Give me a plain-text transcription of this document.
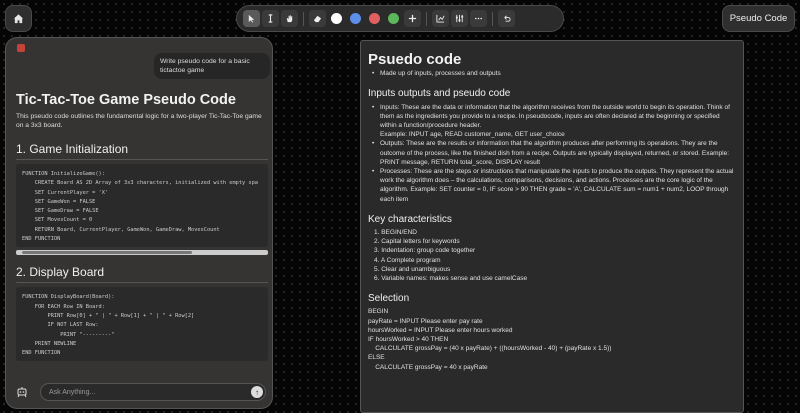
Pseudo Code
Write pseudo code for a basic tictactoe game
Tic-Tac-Toe Game Pseudo Code
This pseudo code outlines the fundamental logic for a two-player Tic-Tac-Toe game on a 3x3 board.
1. Game Initialization
FUNCTION InitializeGame():
CREATE Board AS 2D Array of 3x3 characters, initialized with empty spa
SET CurrentPlayer = 'X'
SET GameWon = FALSE
SET GameDraw = FALSE
SET MovesCount = 0
RETURN Board, CurrentPlayer, GameWon, GameDraw, MovesCount
END FUNCTION
2. Display Board
FUNCTION DisplayBoard(Board):
FOR EACH Row IN Board:
PRINT Row[0] + " | " + Row[1] + " | " + Row[2]
IF NOT LAST Row:
PRINT "---------"
PRINT NEWLINE
END FUNCTION
Ask Anything...	↑
Psuedo code
• Made up of inputs, processes and outputs
Inputs outputs and pseudo code
• Inputs: These are the data or information that the algorithm receives from the outside world to begin its operation. Think of them as the ingredients you provide to a recipe. In pseudocode, inputs are often declared at the beginning or specified within a function/procedure header.
Example: INPUT age, READ customer_name, GET user_choice
• Outputs: These are the results or information that the algorithm produces after performing its operations. They are the outcome of the process, like the finished dish from a recipe. Outputs are typically displayed, returned, or stored. Example: PRINT message, RETURN total_score, DISPLAY result
• Processes: These are the steps or instructions that manipulate the inputs to produce the outputs. They represent the actual work the algorithm does – the calculations, comparisons, decisions, and actions. Processes are the core logic of the algorithm. Example: SET counter = 0, IF score > 90 THEN grade = 'A', CALCULATE sum = num1 + num2, LOOP through each item
Key characteristics
1. BEGIN/END
2. Capital letters for keywords
3. Indentation: group code together
4. A Complete program
5. Clear and unambiguous
6. Variable names: makes sense and use camelCase
Selection
BEGIN
payRate = INPUT Please enter pay rate
hoursWorked = INPUT Please enter hours worked
IF hoursWorked > 40 THEN
CALCULATE grossPay = (40 x payRate) + ((hoursWorked - 40) + (payRate x 1.5))
ELSE
CALCULATE grossPay = 40 x payRate
